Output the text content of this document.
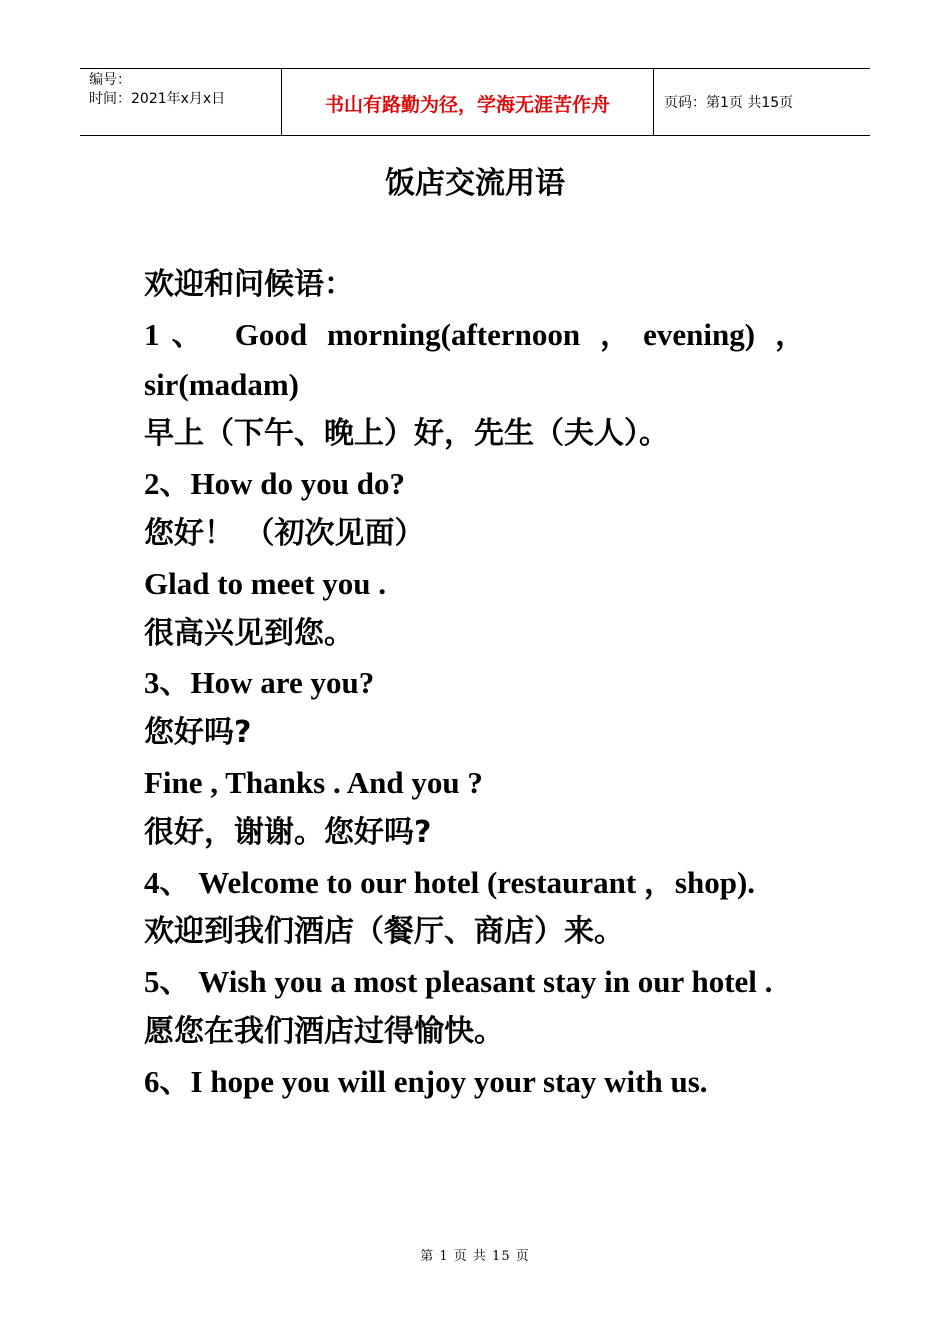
编号：
时间：2021年x月x日	书山有路勤为径，学海无涯苦作舟	页码：第1页 共15页
饭店交流用语
欢迎和问候语：
1、 Good morning(afternoon ，evening) ，sir(madam)
早上（下午、晚上）好，先生（夫人）。
2、How do you do?
您好！ （初次见面）
Glad to meet you .
很高兴见到您。
3、How are you?
您好吗?
Fine , Thanks . And you ?
很好，谢谢。您好吗?
4、 Welcome to our hotel (restaurant ，shop).
欢迎到我们酒店（餐厅、商店）来。
5、 Wish you a most pleasant stay in our hotel .
愿您在我们酒店过得愉快。
6、I hope you will enjoy your stay with us.
第 1 页 共 15 页
